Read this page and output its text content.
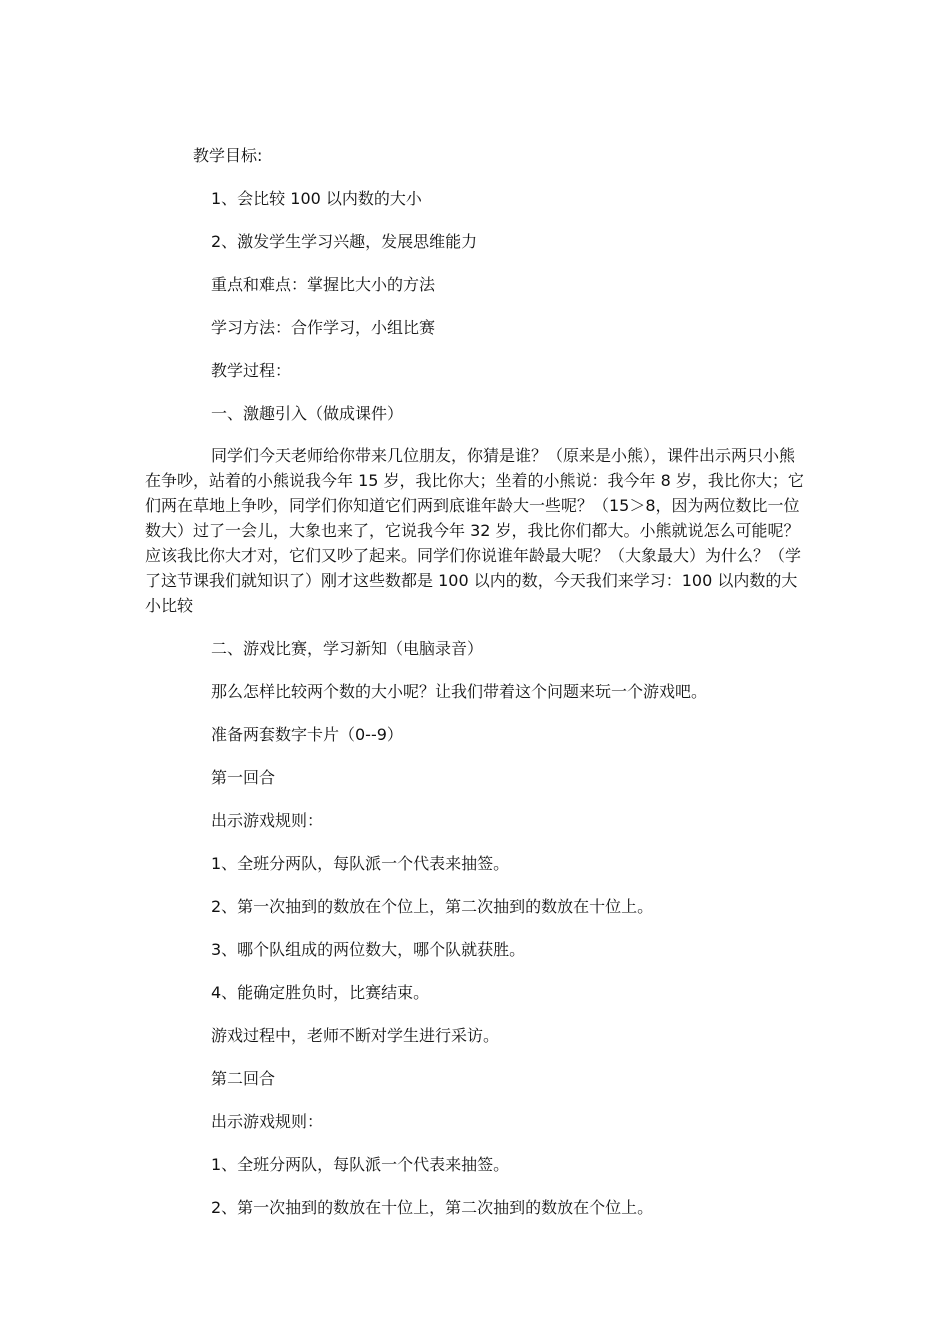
教学目标:
1、会比较 100 以内数的大小
2、激发学生学习兴趣，发展思维能力
重点和难点：掌握比大小的方法
学习方法：合作学习，小组比赛
教学过程：
一、激趣引入（做成课件）
同学们今天老师给你带来几位朋友，你猜是谁？（原来是小熊），课件出示两只小熊在争吵，站着的小熊说我今年 15 岁，我比你大；坐着的小熊说：我今年 8 岁，我比你大；它们两在草地上争吵，同学们你知道它们两到底谁年龄大一些呢？（15＞8，因为两位数比一位数大）过了一会儿，大象也来了，它说我今年 32 岁，我比你们都大。小熊就说怎么可能呢？应该我比你大才对，它们又吵了起来。同学们你说谁年龄最大呢？（大象最大）为什么？（学了这节课我们就知识了）刚才这些数都是 100 以内的数，今天我们来学习：100 以内数的大小比较
二、游戏比赛，学习新知（电脑录音）
那么怎样比较两个数的大小呢？让我们带着这个问题来玩一个游戏吧。
准备两套数字卡片（0--9）
第一回合
出示游戏规则：
1、全班分两队，每队派一个代表来抽签。
2、第一次抽到的数放在个位上，第二次抽到的数放在十位上。
3、哪个队组成的两位数大，哪个队就获胜。
4、能确定胜负时，比赛结束。
游戏过程中，老师不断对学生进行采访。
第二回合
出示游戏规则：
1、全班分两队，每队派一个代表来抽签。
2、第一次抽到的数放在十位上，第二次抽到的数放在个位上。
